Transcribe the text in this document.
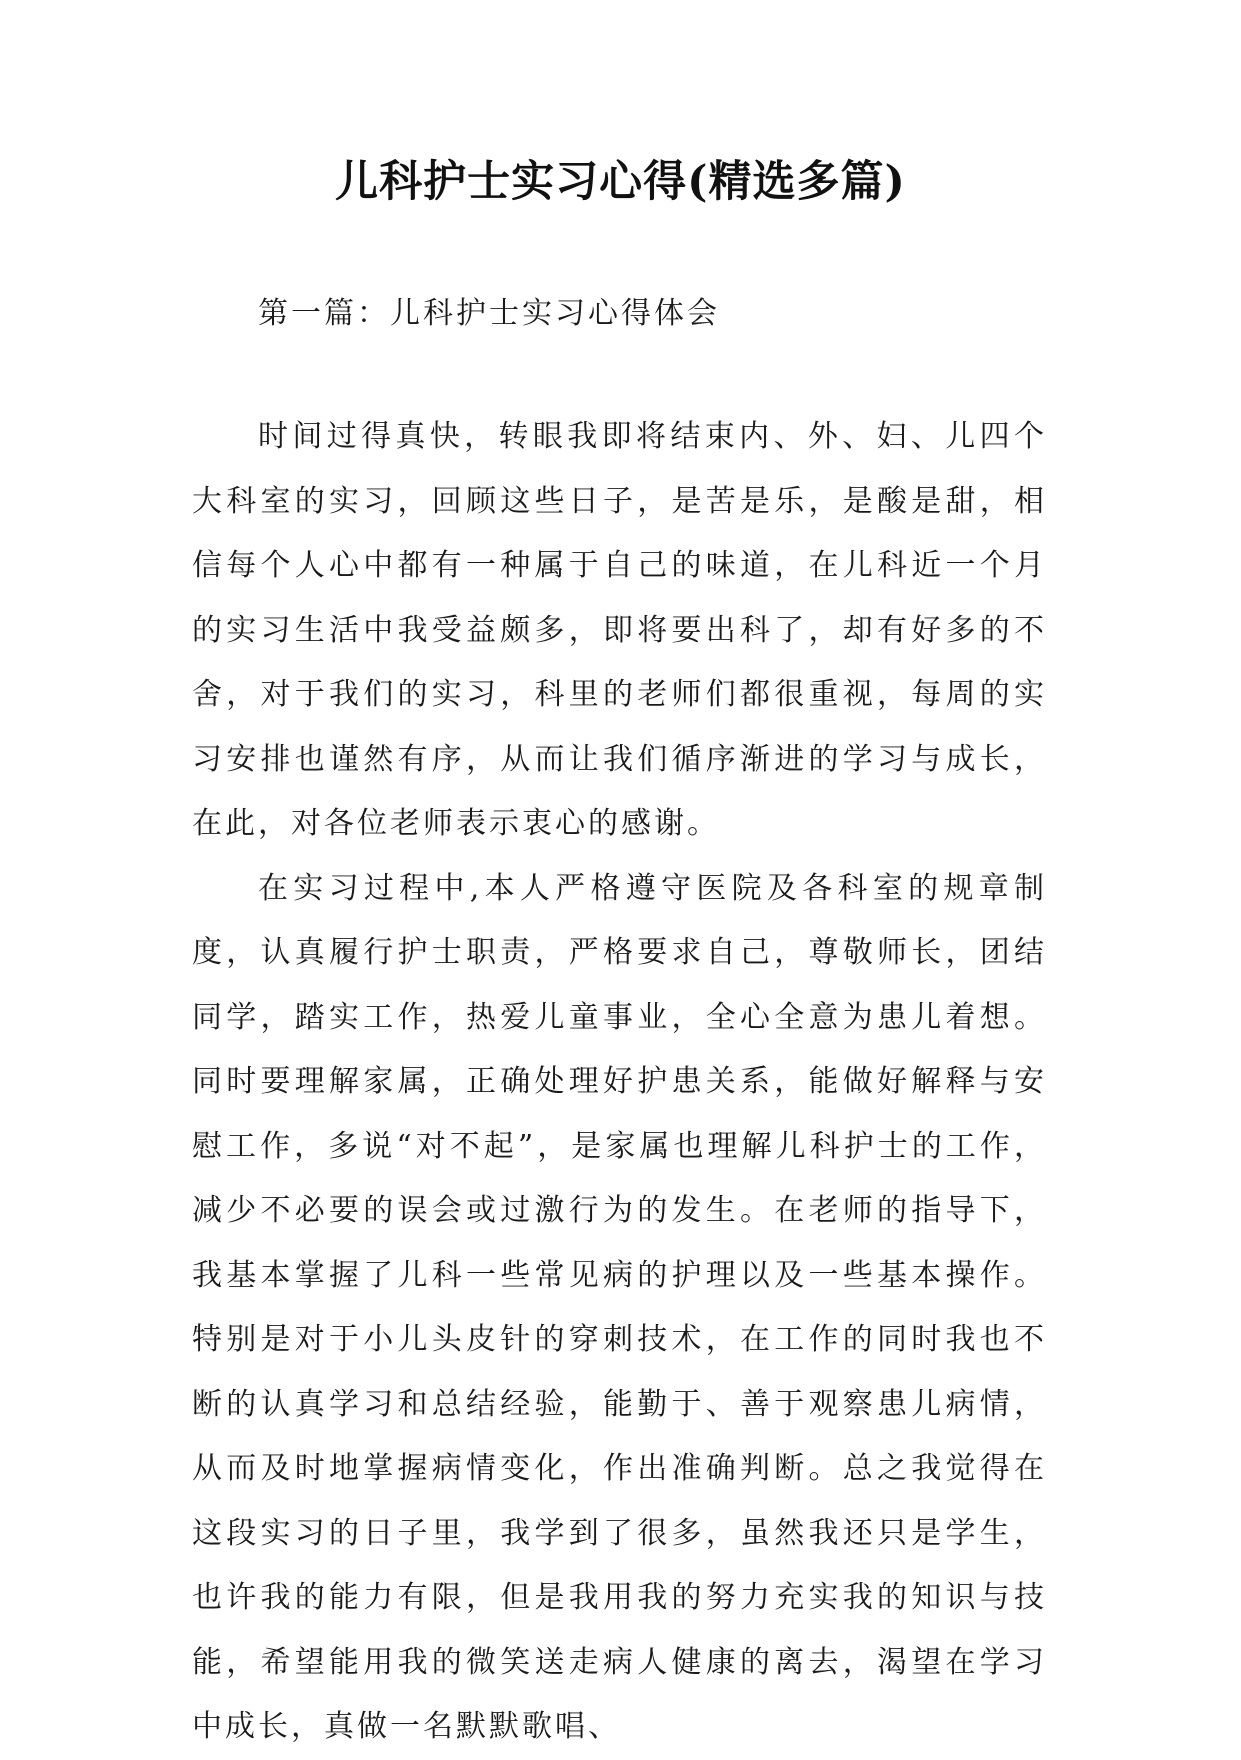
儿科护士实习心得(精选多篇)
第一篇：儿科护士实习心得体会

时间过得真快，转眼我即将结束内、外、妇、儿四个大科室的实习，回顾这些日子，是苦是乐，是酸是甜，相信每个人心中都有一种属于自己的味道，在儿科近一个月的实习生活中我受益颇多，即将要出科了，却有好多的不舍，对于我们的实习，科里的老师们都很重视，每周的实习安排也谨然有序，从而让我们循序渐进的学习与成长，在此，对各位老师表示衷心的感谢。

在实习过程中,本人严格遵守医院及各科室的规章制度，认真履行护士职责，严格要求自己，尊敬师长，团结同学，踏实工作，热爱儿童事业，全心全意为患儿着想。同时要理解家属，正确处理好护患关系，能做好解释与安慰工作，多说“对不起”，是家属也理解儿科护士的工作，减少不必要的误会或过激行为的发生。在老师的指导下，我基本掌握了儿科一些常见病的护理以及一些基本操作。特别是对于小儿头皮针的穿刺技术，在工作的同时我也不断的认真学习和总结经验，能勤于、善于观察患儿病情，从而及时地掌握病情变化，作出准确判断。总之我觉得在这段实习的日子里，我学到了很多，虽然我还只是学生，也许我的能力有限，但是我用我的努力充实我的知识与技能，希望能用我的微笑送走病人健康的离去，渴望在学习中成长，真做一名默默歌唱、
